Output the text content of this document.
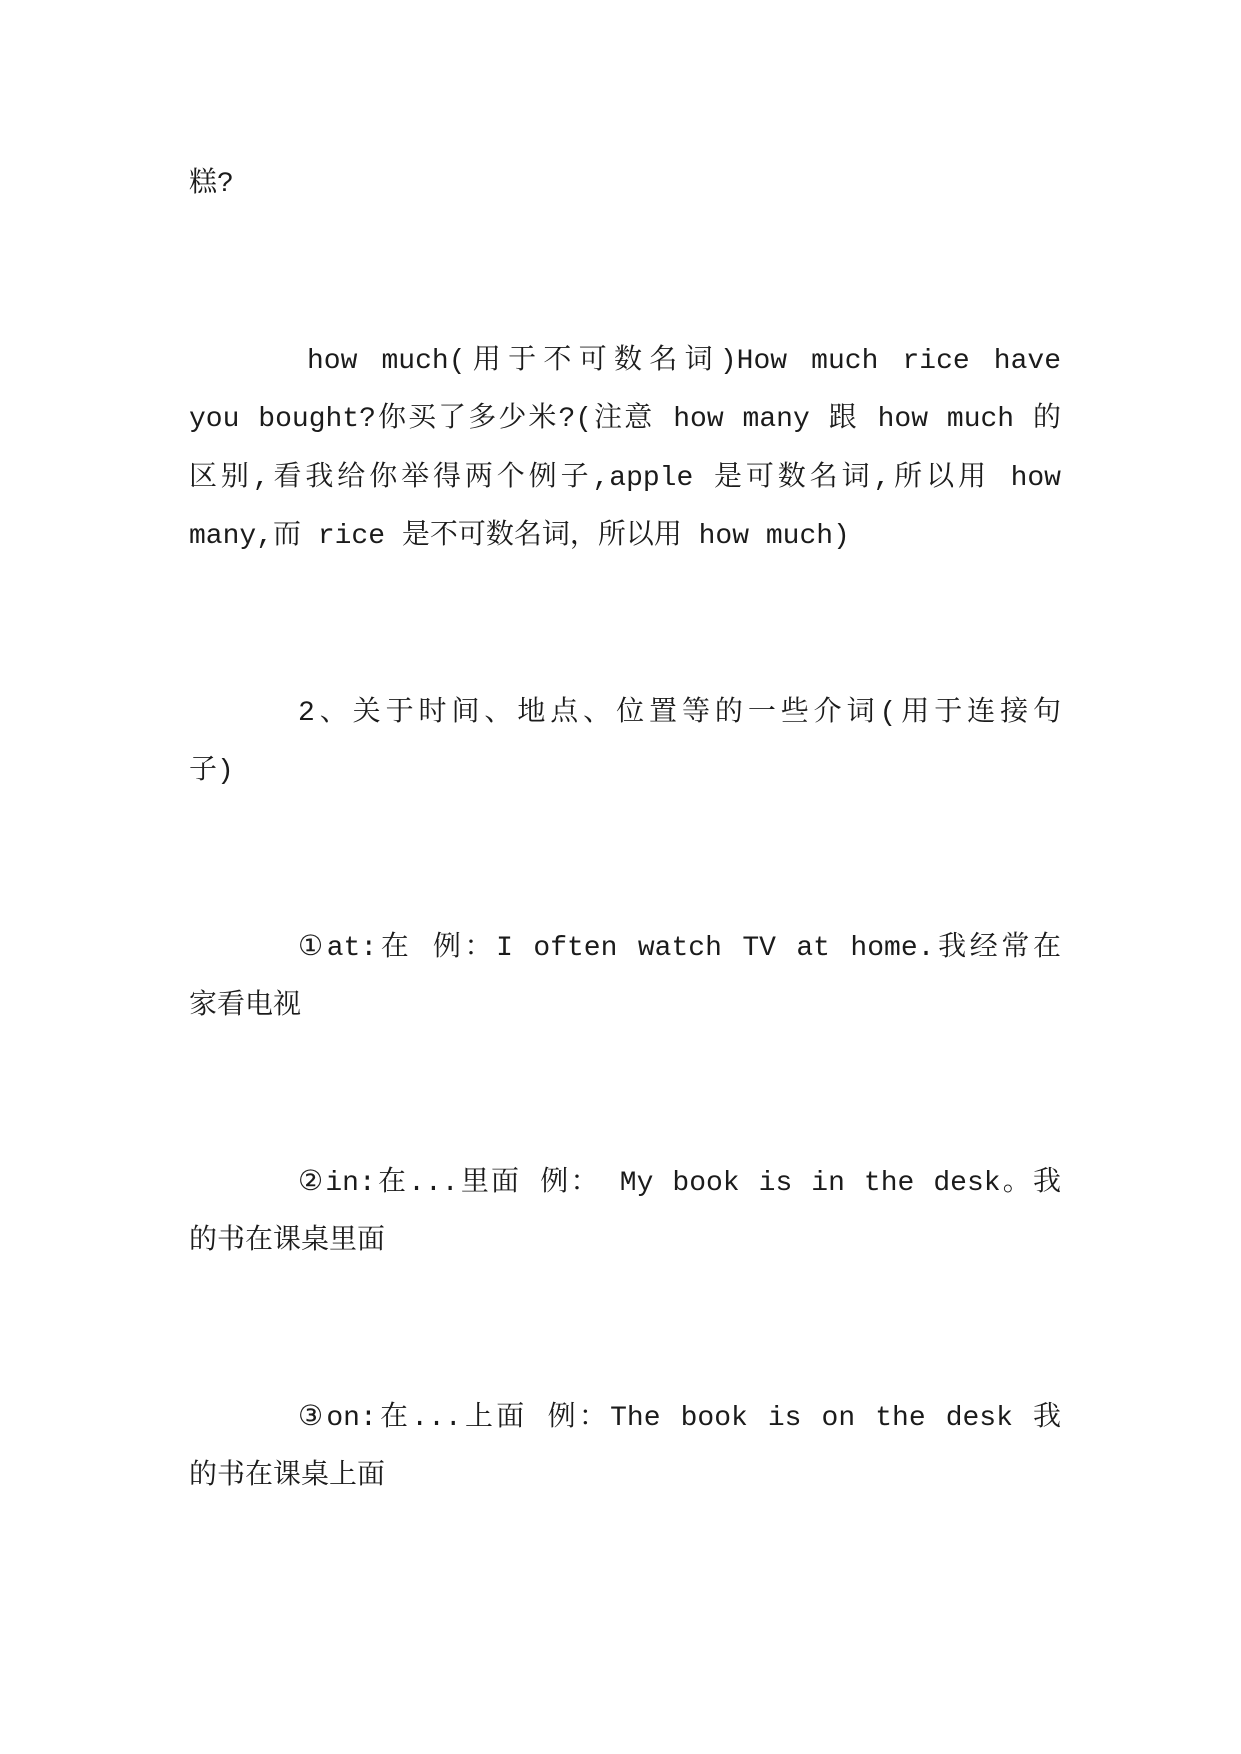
糕?
how much(用于不可数名词)How much rice have
you bought?你买了多少米?(注意 how many 跟 how much 的
区别,看我给你举得两个例子,apple 是可数名词,所以用 how
many,而 rice 是不可数名词，所以用 how much)
2、关于时间、地点、位置等的一些介词(用于连接句
子)
①at:在 例：I often watch TV at home.我经常在
家看电视
②in:在...里面 例： My book is in the desk。我
的书在课桌里面
③on:在...上面 例：The book is on the desk 我
的书在课桌上面
